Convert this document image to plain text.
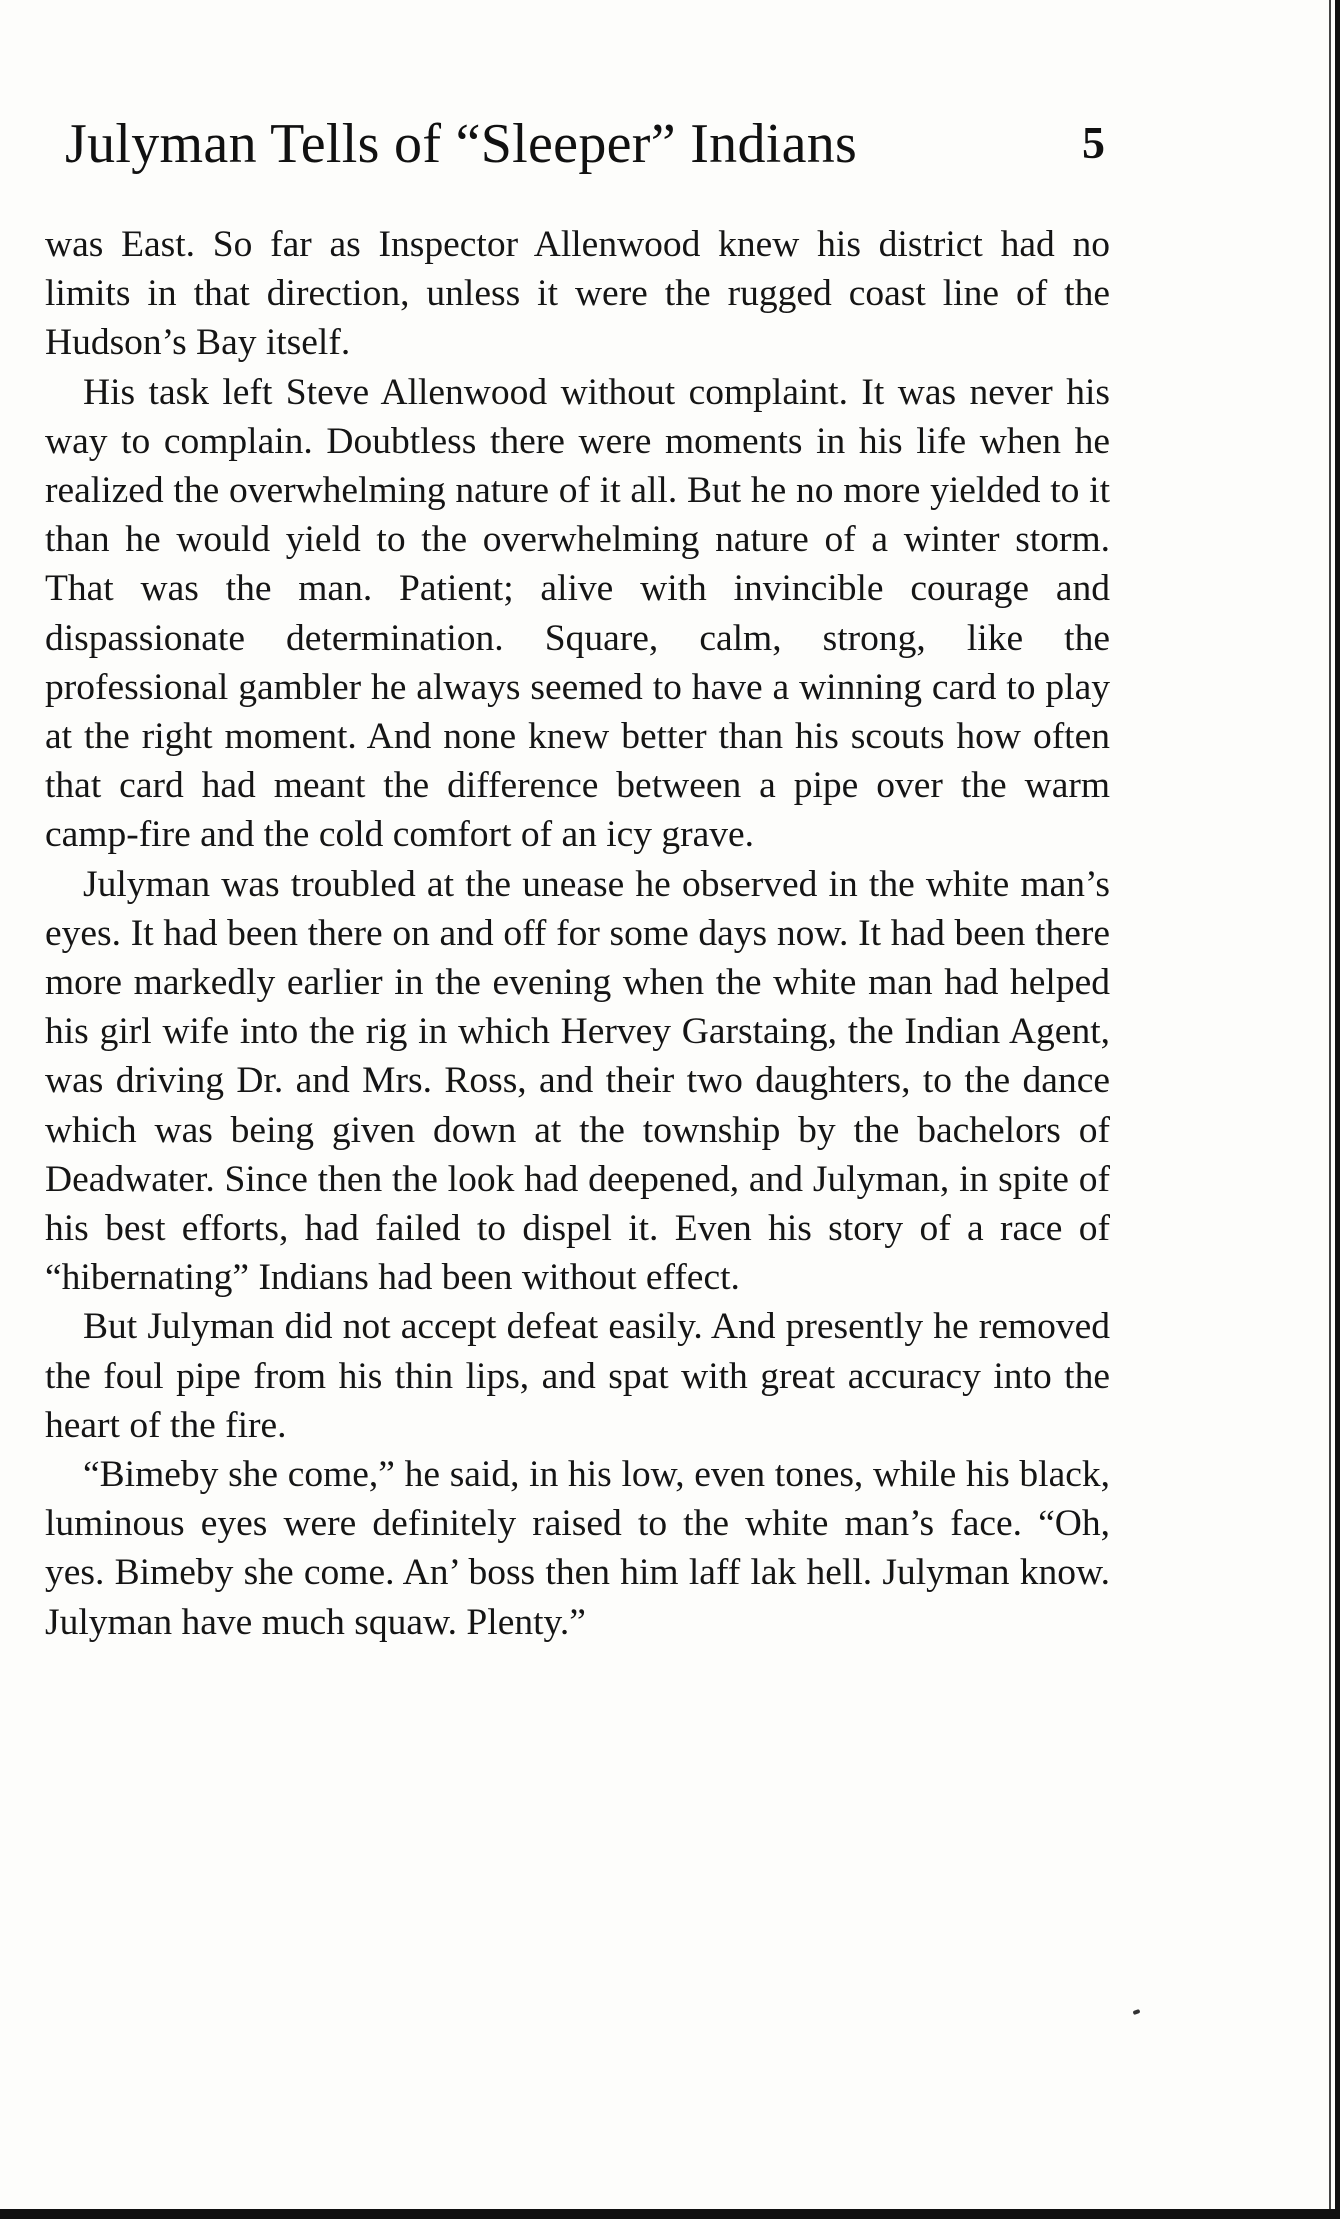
Julyman Tells of “Sleeper” Indians	5

was East. So far as Inspector Allenwood knew his district had no limits in that direction, unless it were the rugged coast line of the Hudson’s Bay itself.

His task left Steve Allenwood without complaint. It was never his way to complain. Doubtless there were moments in his life when he realized the overwhelming nature of it all. But he no more yielded to it than he would yield to the overwhelming nature of a winter storm. That was the man. Patient; alive with invincible courage and dispassionate determination. Square, calm, strong, like the professional gambler he always seemed to have a winning card to play at the right moment. And none knew better than his scouts how often that card had meant the difference between a pipe over the warm camp-fire and the cold comfort of an icy grave.

Julyman was troubled at the unease he observed in the white man’s eyes. It had been there on and off for some days now. It had been there more markedly earlier in the evening when the white man had helped his girl wife into the rig in which Hervey Garstaing, the Indian Agent, was driving Dr. and Mrs. Ross, and their two daughters, to the dance which was being given down at the township by the bachelors of Deadwater. Since then the look had deepened, and Julyman, in spite of his best efforts, had failed to dispel it. Even his story of a race of “hibernating” Indians had been without effect.

But Julyman did not accept defeat easily. And presently he removed the foul pipe from his thin lips, and spat with great accuracy into the heart of the fire.

“Bimeby she come,” he said, in his low, even tones, while his black, luminous eyes were definitely raised to the white man’s face. “Oh, yes. Bimeby she come. An’ boss then him laff lak hell. Julyman know. Julyman have much squaw. Plenty.”
